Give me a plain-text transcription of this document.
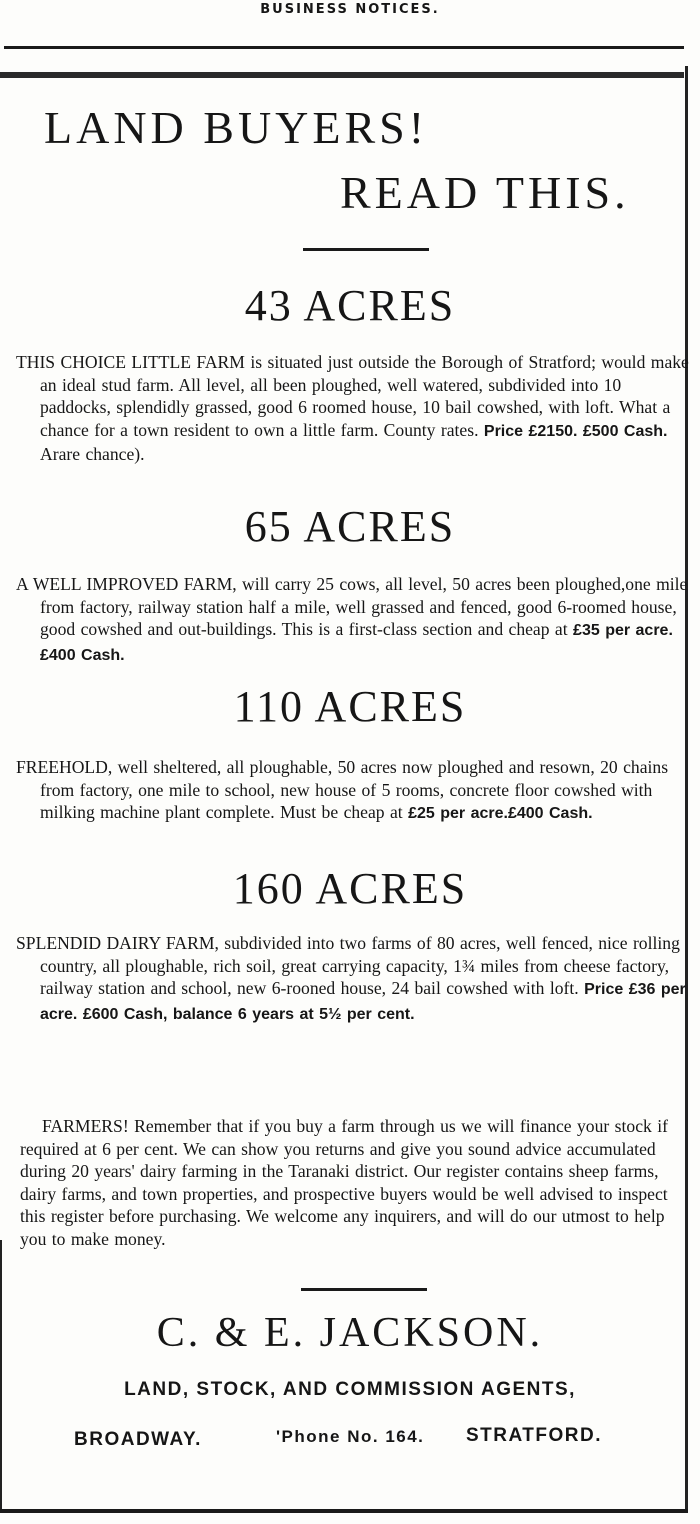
BUSINESS NOTICES.
LAND BUYERS!
READ THIS.
43 ACRES

THIS CHOICE LITTLE FARM is situated just outside the Borough of Stratford; would make an ideal stud farm. All level, all been ploughed, well watered, subdivided into 10 paddocks, splendidly grassed, good 6 roomed house, 10 bail cowshed, with loft. What a chance for a town resident to own a little farm. County rates. Price £2150. £500 Cash. Arare chance).

65 ACRES

A WELL IMPROVED FARM, will carry 25 cows, all level, 50 acres been ploughed,one mile from factory, railway station half a mile, well grassed and fenced, good 6-roomed house, good cowshed and out-buildings. This is a first-class section and cheap at £35 per acre. £400 Cash.

110 ACRES

FREEHOLD, well sheltered, all ploughable, 50 acres now ploughed and resown, 20 chains from factory, one mile to school, new house of 5 rooms, concrete floor cowshed with milking machine plant complete. Must be cheap at £25 per acre.£400 Cash.

160 ACRES

SPLENDID DAIRY FARM, subdivided into two farms of 80 acres, well fenced, nice rolling country, all ploughable, rich soil, great carrying capacity, 1¾ miles from cheese factory, railway station and school, new 6-rooned house, 24 bail cowshed with loft. Price £36 per acre. £600 Cash, balance 6 years at 5½ per cent.

FARMERS! Remember that if you buy a farm through us we will finance your stock if required at 6 per cent. We can show you returns and give you sound advice accumulated during 20 years' dairy farming in the Taranaki district. Our register contains sheep farms, dairy farms, and town properties, and prospective buyers would be well advised to inspect this register before purchasing. We welcome any inquirers, and will do our utmost to help you to make money.

C. & E. JACKSON.
LAND, STOCK, AND COMMISSION AGENTS,
BROADWAY.	'Phone No. 164. STRATFORD.
